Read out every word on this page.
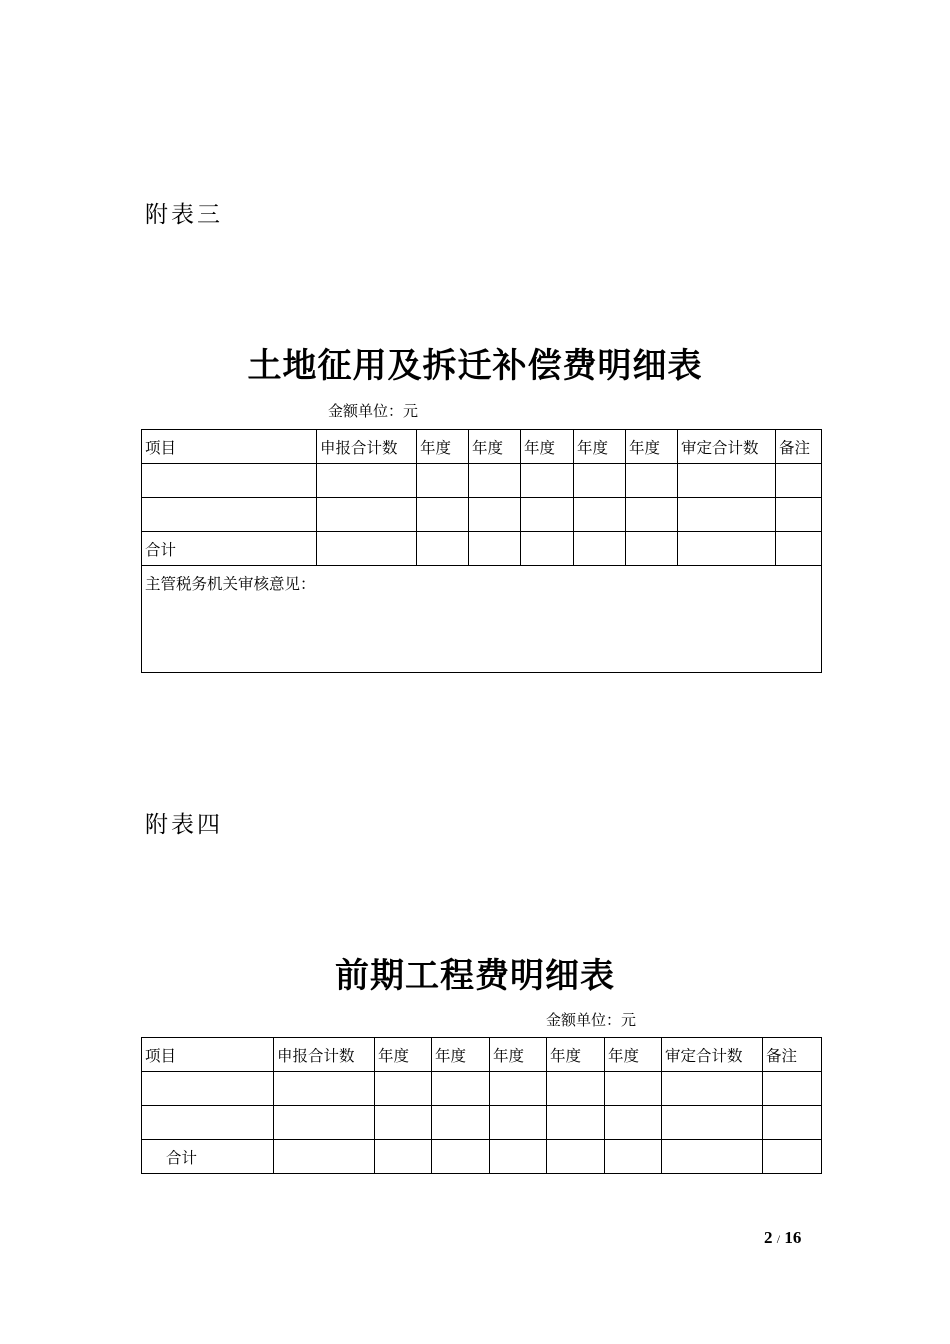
附表三
土地征用及拆迁补偿费明细表
金额单位：元
项目	申报合计数	年度	年度	年度	年度	年度	审定合计数	备注

合计								
主管税务机关审核意见：								
附表四
前期工程费明细表
金额单位：元
项目	申报合计数	年度	年度	年度	年度	年度	审定合计数	备注

合计								
2 / 16
